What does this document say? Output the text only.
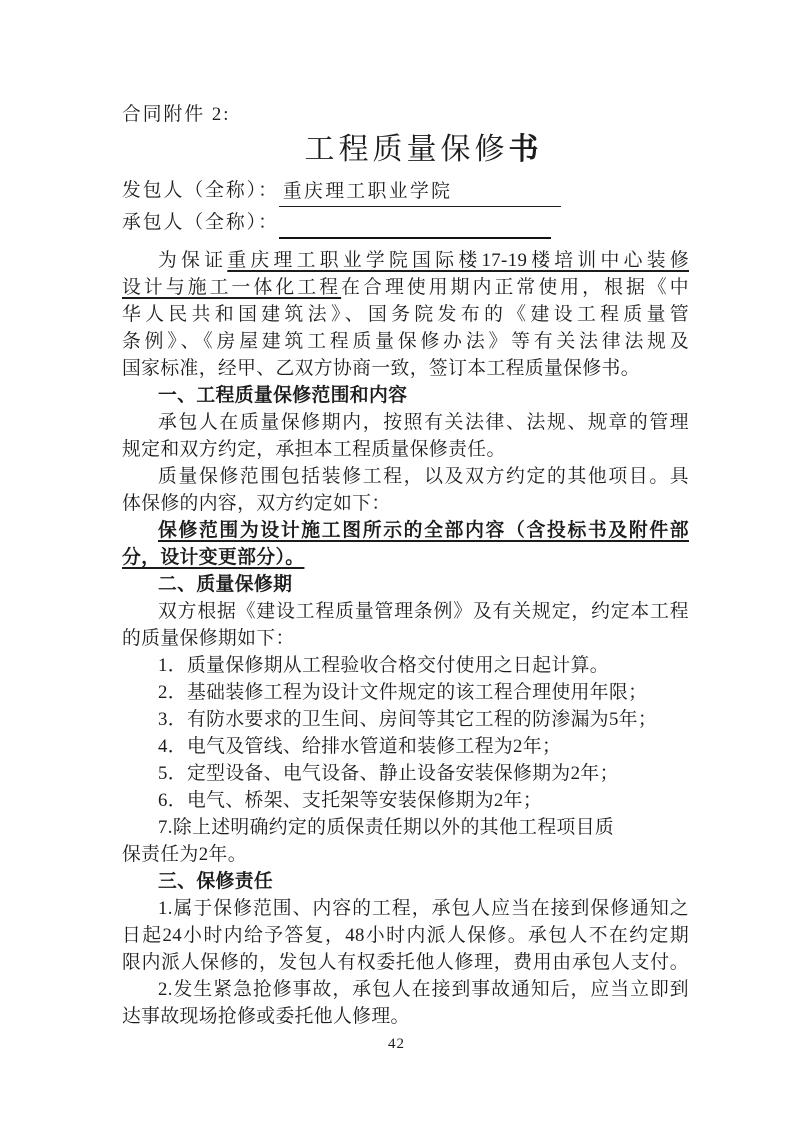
合同附件 2:
工程质量保修书
发包人（全称）： 重庆理工职业学院
承包人（全称）：
为保证重庆理工职业学院国际楼17-19楼培训中心装修
设计与施工一体化工程在合理使用期内正常使用，根据《中
华人民共和国建筑法》、国务院发布的《建设工程质量管
条例》、《房屋建筑工程质量保修办法》等有关法律法规及
国家标准，经甲、乙双方协商一致，签订本工程质量保修书。
一、工程质量保修范围和内容
承包人在质量保修期内，按照有关法律、法规、规章的管理
规定和双方约定，承担本工程质量保修责任。
质量保修范围包括装修工程，以及双方约定的其他项目。具
体保修的内容，双方约定如下：
保修范围为设计施工图所示的全部内容（含投标书及附件部
分，设计变更部分）。
二、质量保修期
双方根据《建设工程质量管理条例》及有关规定，约定本工程
的质量保修期如下：
1．质量保修期从工程验收合格交付使用之日起计算。
2．基础装修工程为设计文件规定的该工程合理使用年限；
3．有防水要求的卫生间、房间等其它工程的防渗漏为5年；
4．电气及管线、给排水管道和装修工程为2年；
5．定型设备、电气设备、静止设备安装保修期为2年；
6．电气、桥架、支托架等安装保修期为2年；
7.除上述明确约定的质保责任期以外的其他工程项目质
保责任为2年。
三、保修责任
1.属于保修范围、内容的工程，承包人应当在接到保修通知之
日起24小时内给予答复，48小时内派人保修。承包人不在约定期
限内派人保修的，发包人有权委托他人修理，费用由承包人支付。
2.发生紧急抢修事故，承包人在接到事故通知后，应当立即到
达事故现场抢修或委托他人修理。
42
